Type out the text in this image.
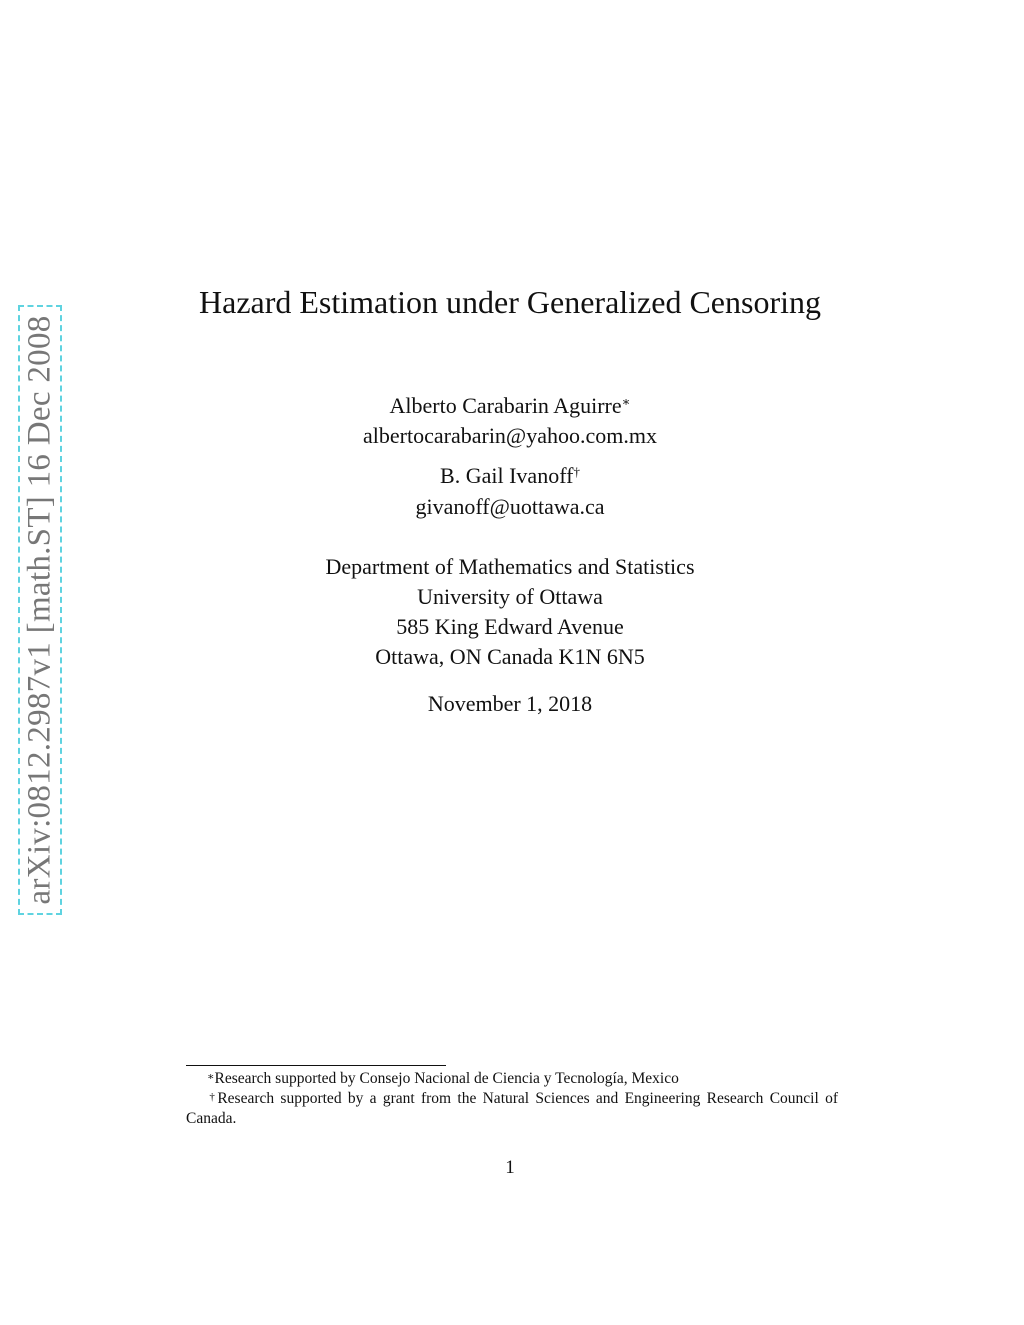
arXiv:0812.2987v1 [math.ST] 16 Dec 2008
Hazard Estimation under Generalized Censoring

Alberto Carabarin Aguirre∗

albertocarabarin@yahoo.com.mx

B. Gail Ivanoff†

givanoff@uottawa.ca

Department of Mathematics and Statistics

University of Ottawa

585 King Edward Avenue

Ottawa, ON Canada K1N 6N5

November 1, 2018

∗Research supported by Consejo Nacional de Ciencia y Tecnología, Mexico

†Research supported by a grant from the Natural Sciences and Engineering Research Council of Canada.

1
